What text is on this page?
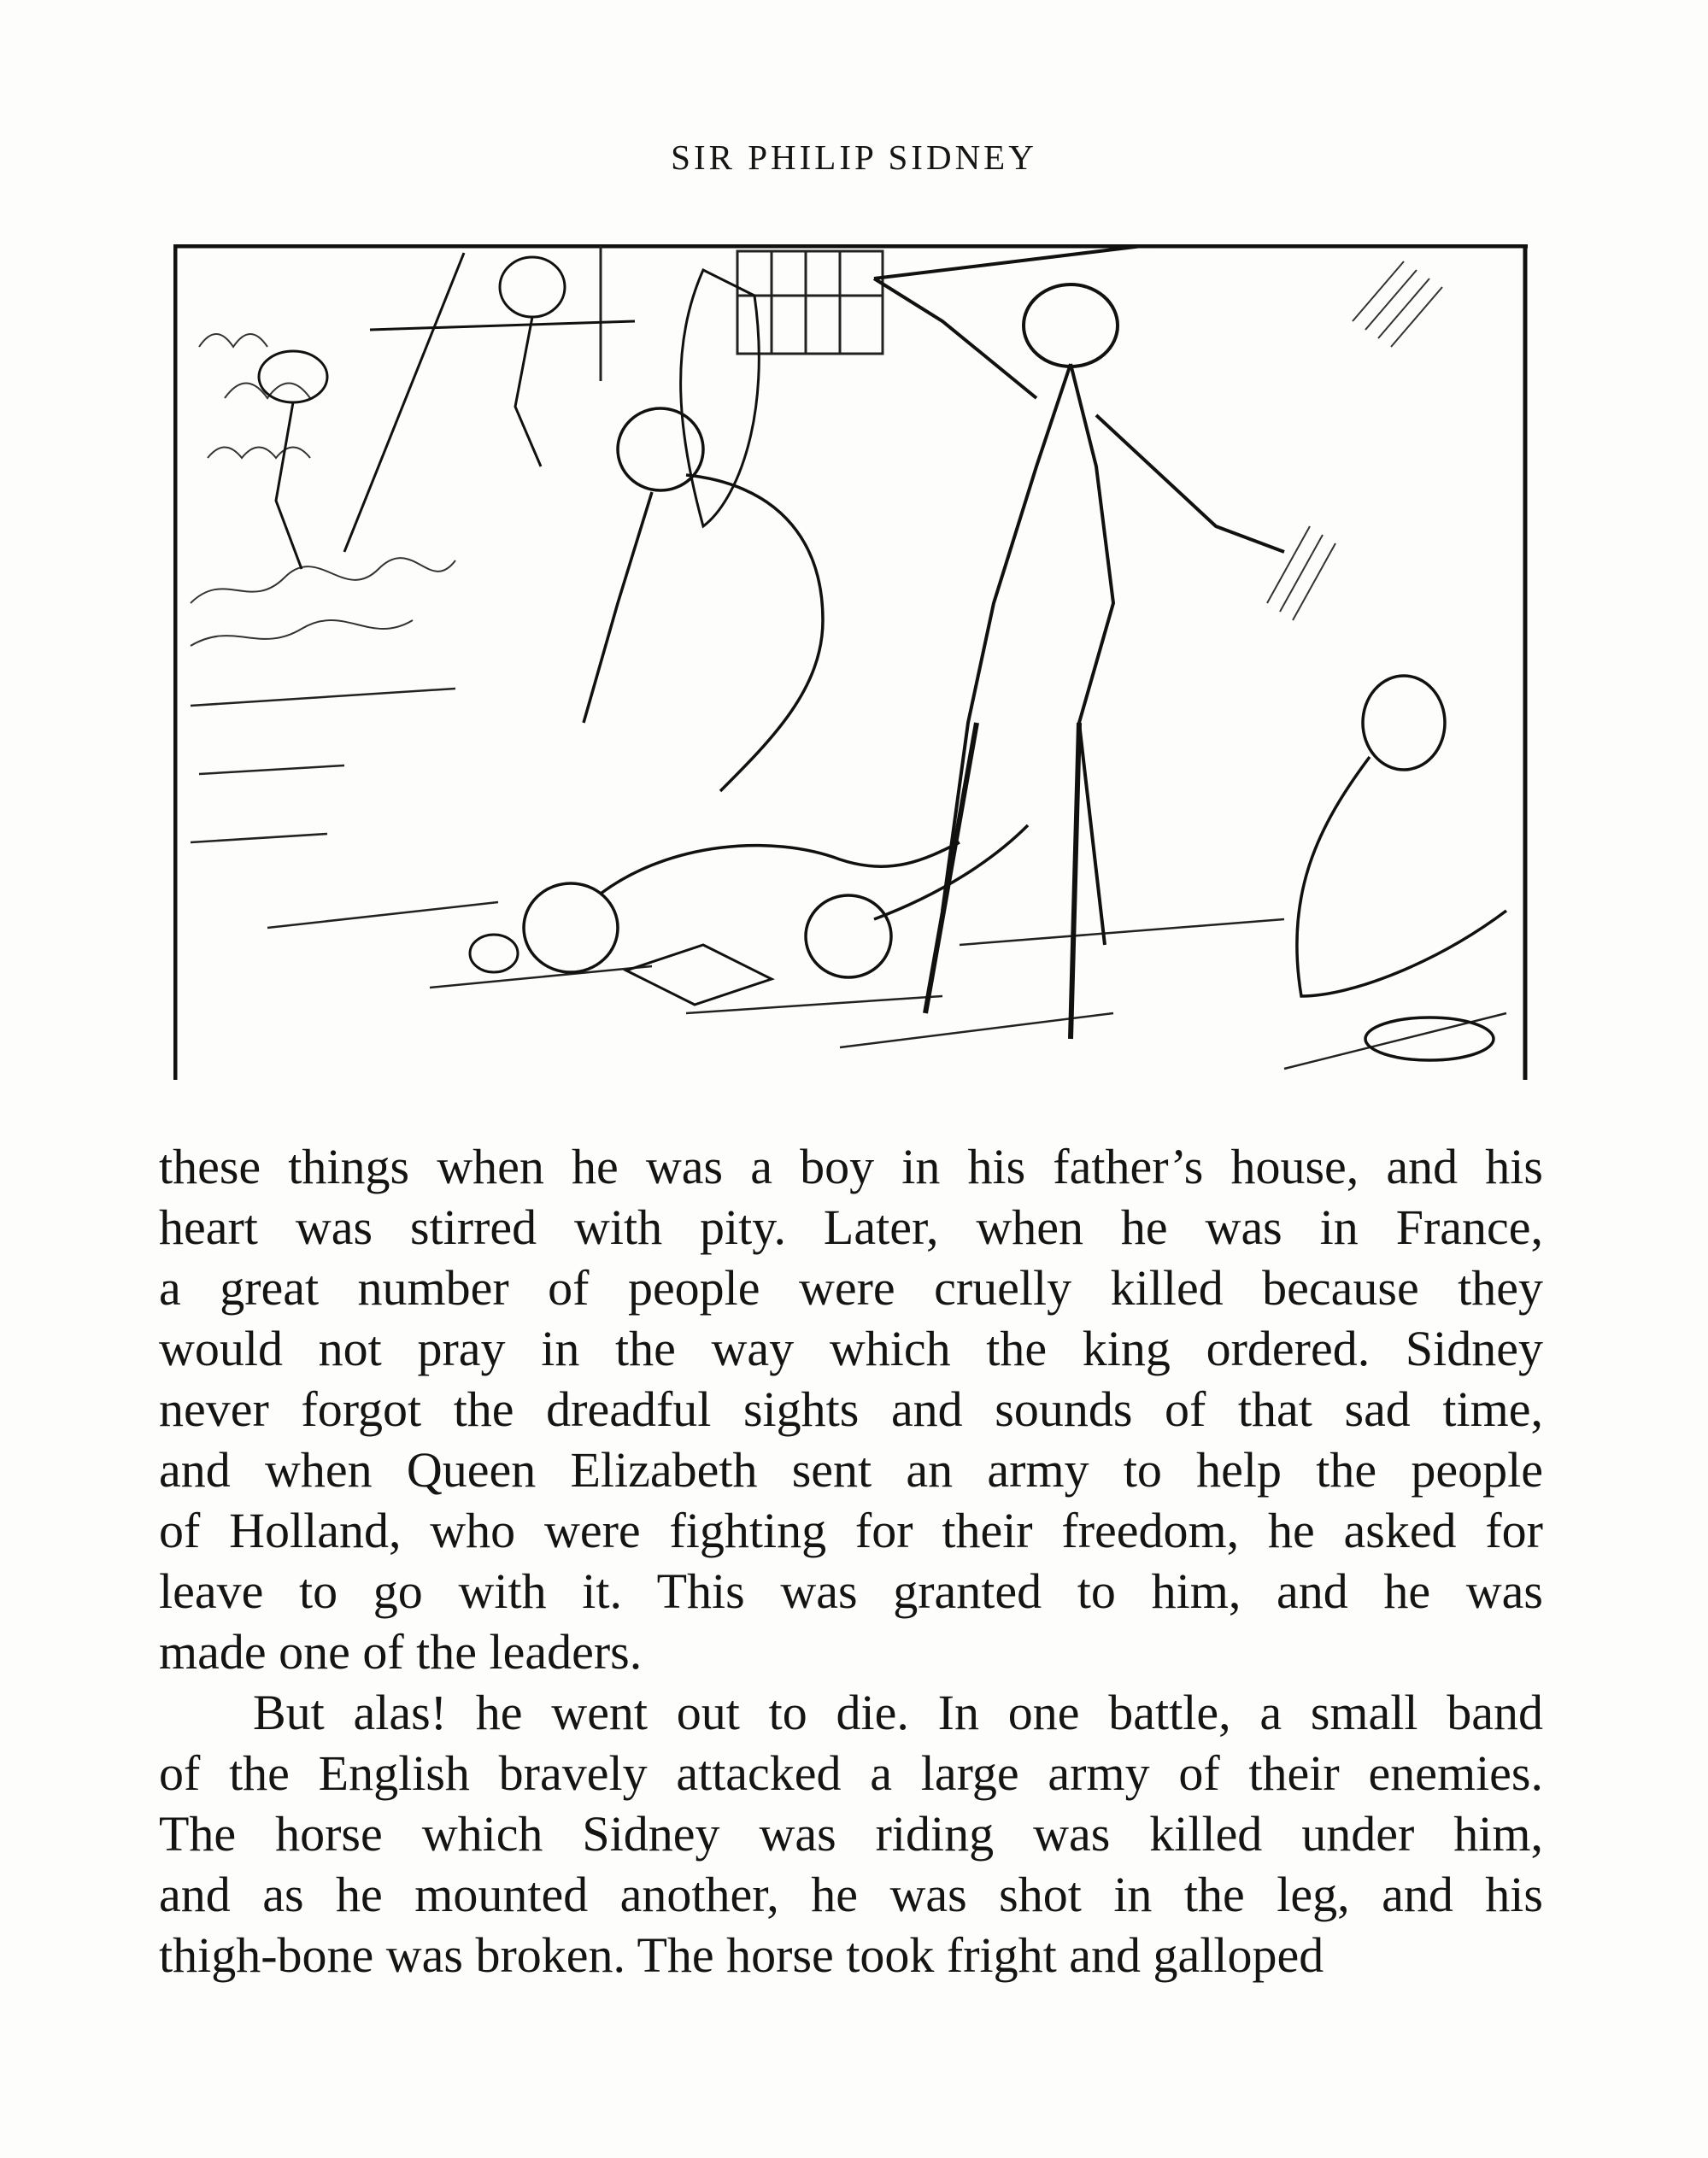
SIR PHILIP SIDNEY
these things when he was a boy in his father’s house, and his
heart was stirred with pity. Later, when he was in France,
a great number of people were cruelly killed because they
would not pray in the way which the king ordered. Sidney
never forgot the dreadful sights and sounds of that sad time,
and when Queen Elizabeth sent an army to help the people
of Holland, who were fighting for their freedom, he asked for
leave to go with it. This was granted to him, and he was
made one of the leaders.
But alas! he went out to die. In one battle, a small band
of the English bravely attacked a large army of their enemies.
The horse which Sidney was riding was killed under him,
and as he mounted another, he was shot in the leg, and his
thigh-bone was broken. The horse took fright and galloped
